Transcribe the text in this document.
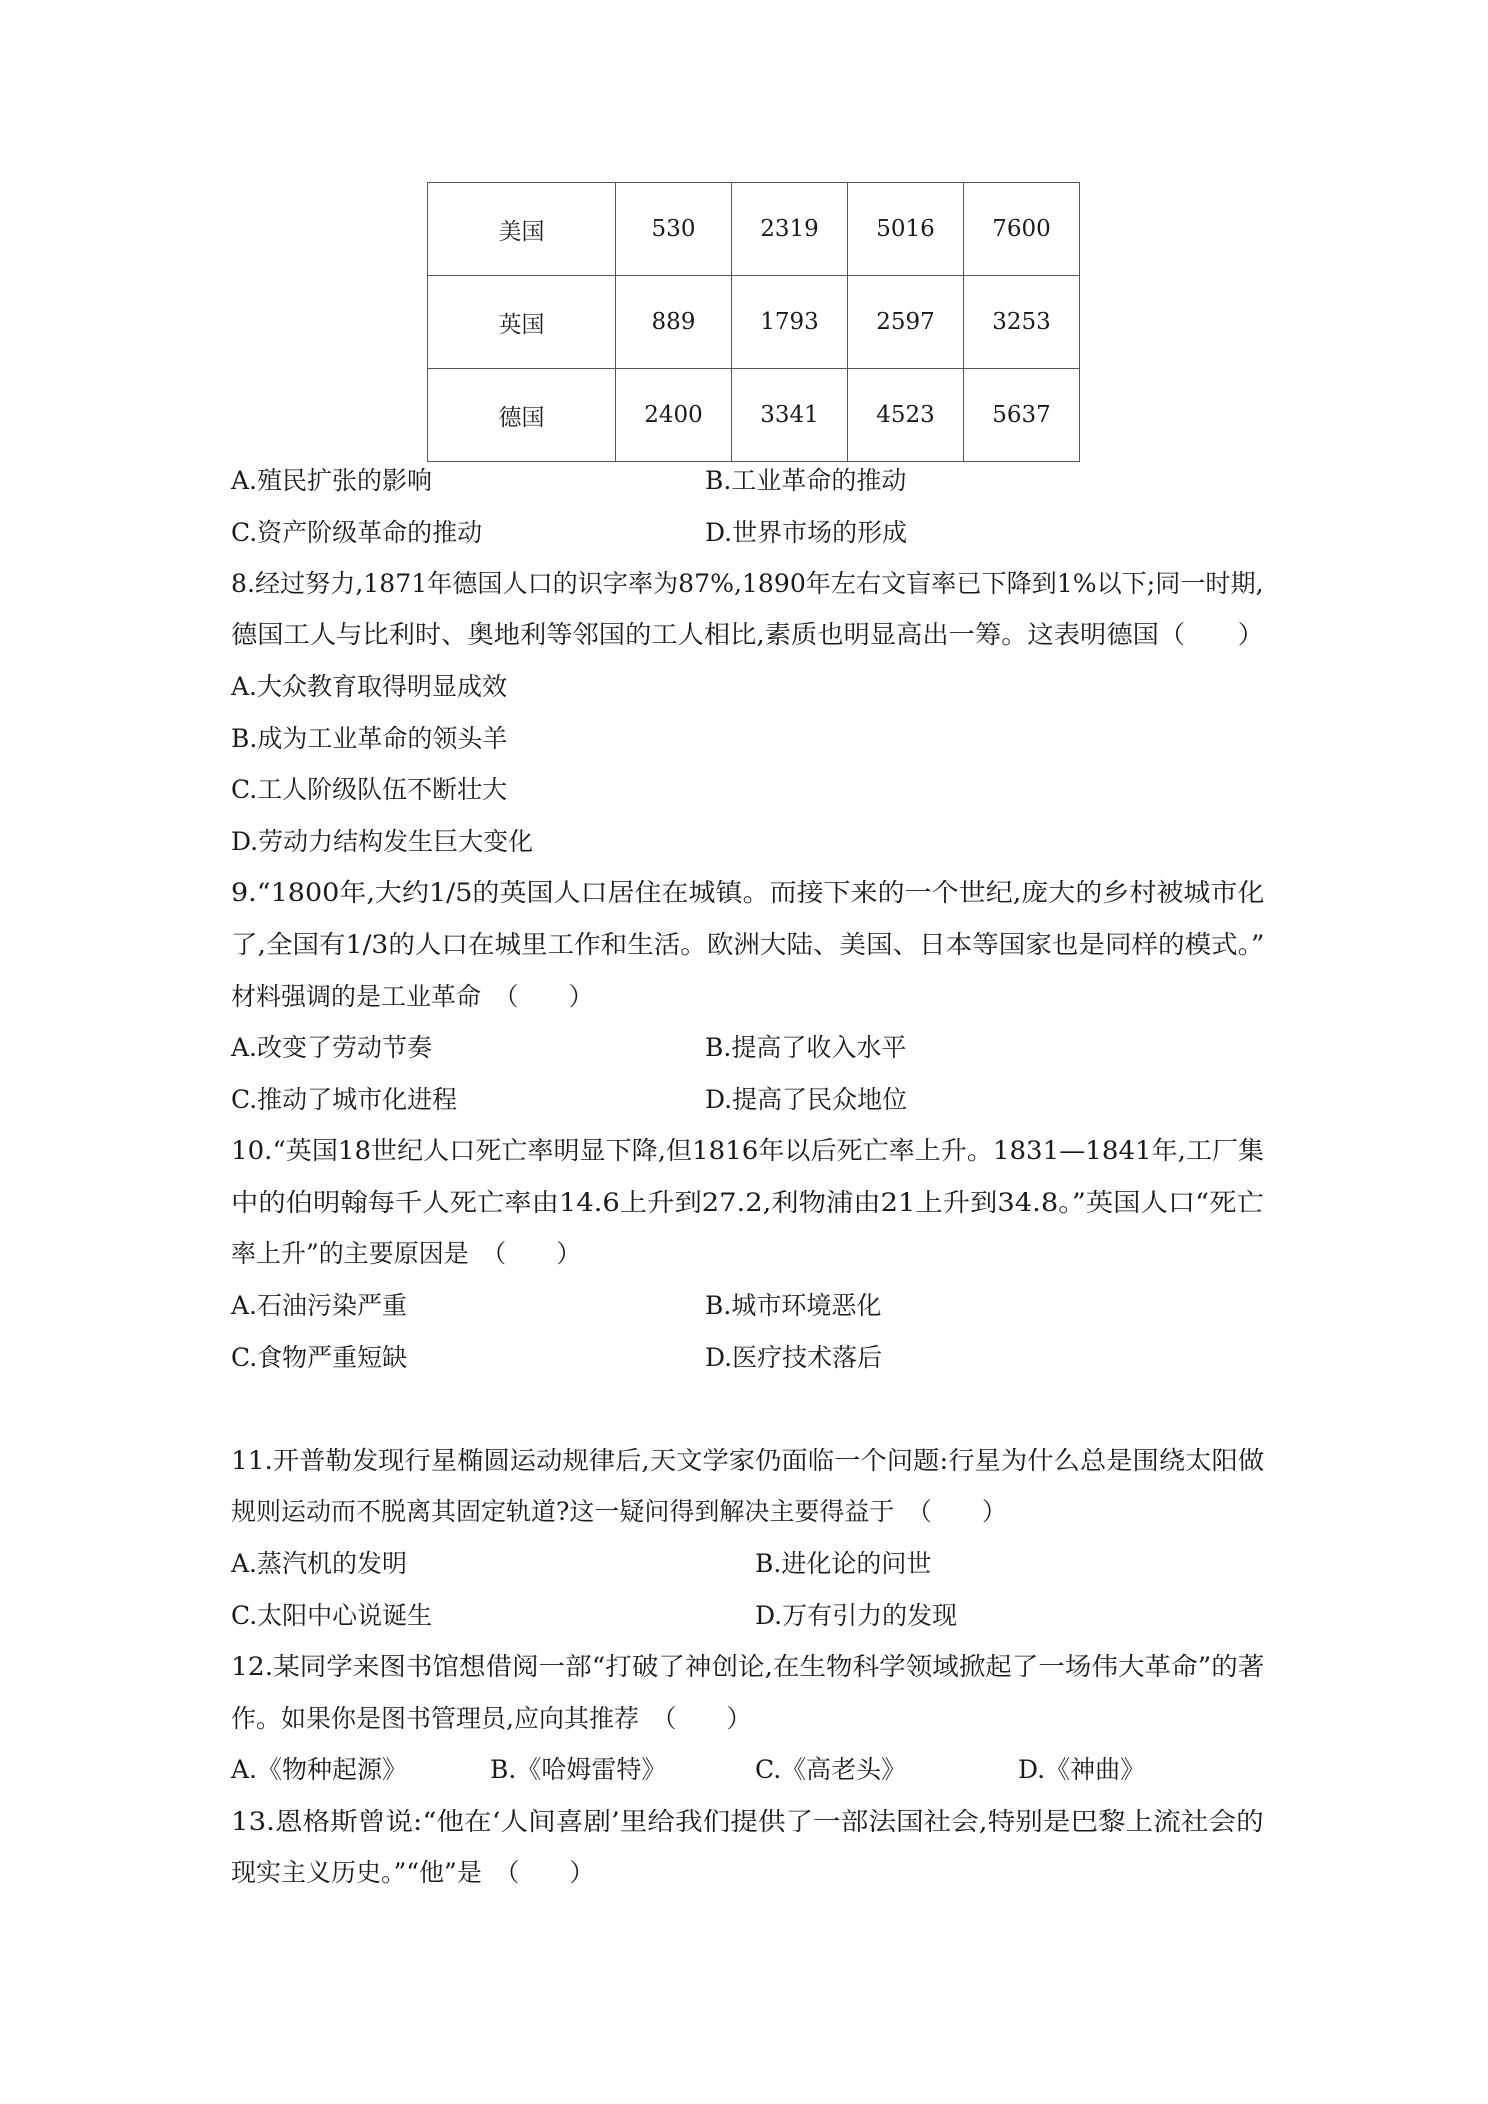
美国	530	2319	5016	7600
英国	889	1793	2597	3253
德国	2400	3341	4523	5637
A.殖民扩张的影响	B.工业革命的推动
C.资产阶级革命的推动	D.世界市场的形成
8.经过努力,1871年德国人口的识字率为87%,1890年左右文盲率已下降到1%以下;同一时期,
德国工人与比利时、奥地利等邻国的工人相比,素质也明显高出一筹。这表明德国（　　）
A.大众教育取得明显成效
B.成为工业革命的领头羊
C.工人阶级队伍不断壮大
D.劳动力结构发生巨大变化
9.“1800年,大约1/5的英国人口居住在城镇。而接下来的一个世纪,庞大的乡村被城市化
了,全国有1/3的人口在城里工作和生活。欧洲大陆、美国、日本等国家也是同样的模式。”
材料强调的是工业革命　（　　）
A.改变了劳动节奏	B.提高了收入水平
C.推动了城市化进程	D.提高了民众地位
10.“英国18世纪人口死亡率明显下降,但1816年以后死亡率上升。1831—1841年,工厂集
中的伯明翰每千人死亡率由14.6上升到27.2,利物浦由21上升到34.8。”英国人口“死亡
率上升”的主要原因是　（　　）
A.石油污染严重	B.城市环境恶化
C.食物严重短缺	D.医疗技术落后
11.开普勒发现行星椭圆运动规律后,天文学家仍面临一个问题:行星为什么总是围绕太阳做
规则运动而不脱离其固定轨道?这一疑问得到解决主要得益于　（　　）
A.蒸汽机的发明	B.进化论的问世
C.太阳中心说诞生	D.万有引力的发现
12.某同学来图书馆想借阅一部“打破了神创论,在生物科学领域掀起了一场伟大革命”的著
作。如果你是图书管理员,应向其推荐　（　　）
A.《物种起源》	B.《哈姆雷特》	C.《高老头》	D.《神曲》
13.恩格斯曾说:“他在‘人间喜剧’里给我们提供了一部法国社会,特别是巴黎上流社会的
现实主义历史。”“他”是　（　　）
